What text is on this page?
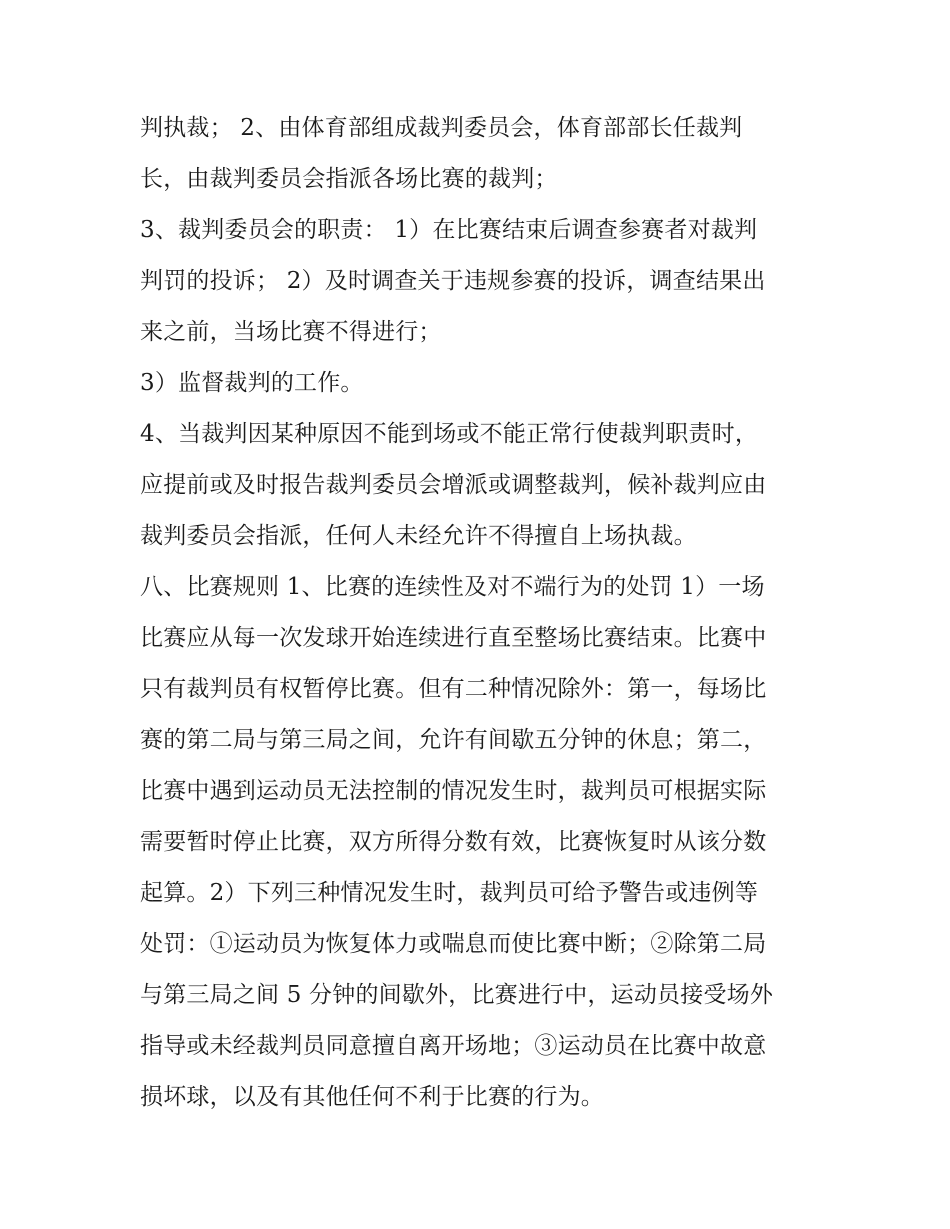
判执裁； 2、由体育部组成裁判委员会，体育部部长任裁判
长，由裁判委员会指派各场比赛的裁判；
3、裁判委员会的职责： 1）在比赛结束后调查参赛者对裁判
判罚的投诉； 2）及时调查关于违规参赛的投诉，调查结果出
来之前，当场比赛不得进行；
3）监督裁判的工作。
4、当裁判因某种原因不能到场或不能正常行使裁判职责时，
应提前或及时报告裁判委员会增派或调整裁判，候补裁判应由
裁判委员会指派，任何人未经允许不得擅自上场执裁。
八、比赛规则 1、比赛的连续性及对不端行为的处罚 1）一场
比赛应从每一次发球开始连续进行直至整场比赛结束。比赛中
只有裁判员有权暂停比赛。但有二种情况除外：第一，每场比
赛的第二局与第三局之间，允许有间歇五分钟的休息；第二，
比赛中遇到运动员无法控制的情况发生时，裁判员可根据实际
需要暂时停止比赛，双方所得分数有效，比赛恢复时从该分数
起算。2）下列三种情况发生时，裁判员可给予警告或违例等
处罚：①运动员为恢复体力或喘息而使比赛中断；②除第二局
与第三局之间 5 分钟的间歇外，比赛进行中，运动员接受场外
指导或未经裁判员同意擅自离开场地；③运动员在比赛中故意
损坏球，以及有其他任何不利于比赛的行为。
